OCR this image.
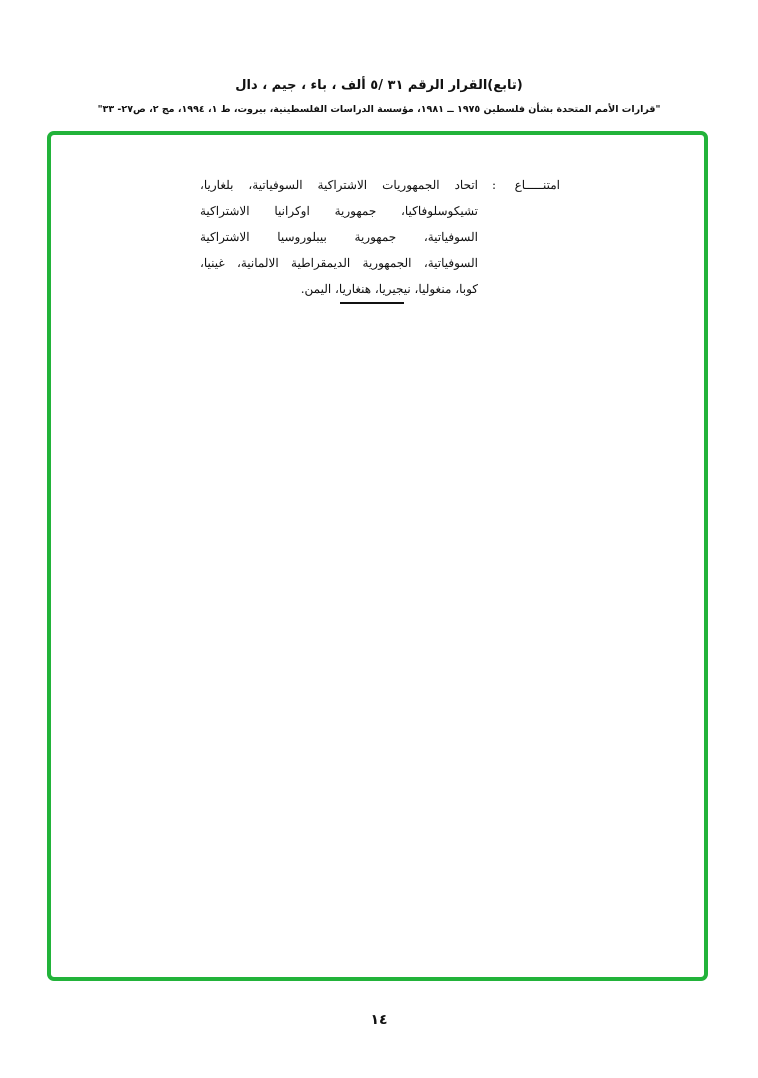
(تابع)القرار الرقم ٣١ /٥ ألف ، باء ، جيم ، دال
"قرارات الأمم المتحدة بشأن فلسطين ١٩٧٥ ــ ١٩٨١، مؤسسة الدراسات الفلسطينية، بيروت، ط ١، ١٩٩٤، مج ٢، ص٢٧- ٣٣"
امتنـــــاع
:
اتحاد الجمهوريات الاشتراكية السوفياتية، بلغاريا،
تشيكوسلوفاكيا، جمهورية اوكرانيا الاشتراكية
السوفياتية، جمهورية بيبلوروسيا الاشتراكية
السوفياتية، الجمهورية الديمقراطية الالمانية، غينيا،
كوبا، منغوليا، نيجيريا، هنغاريا، اليمن.
١٤
